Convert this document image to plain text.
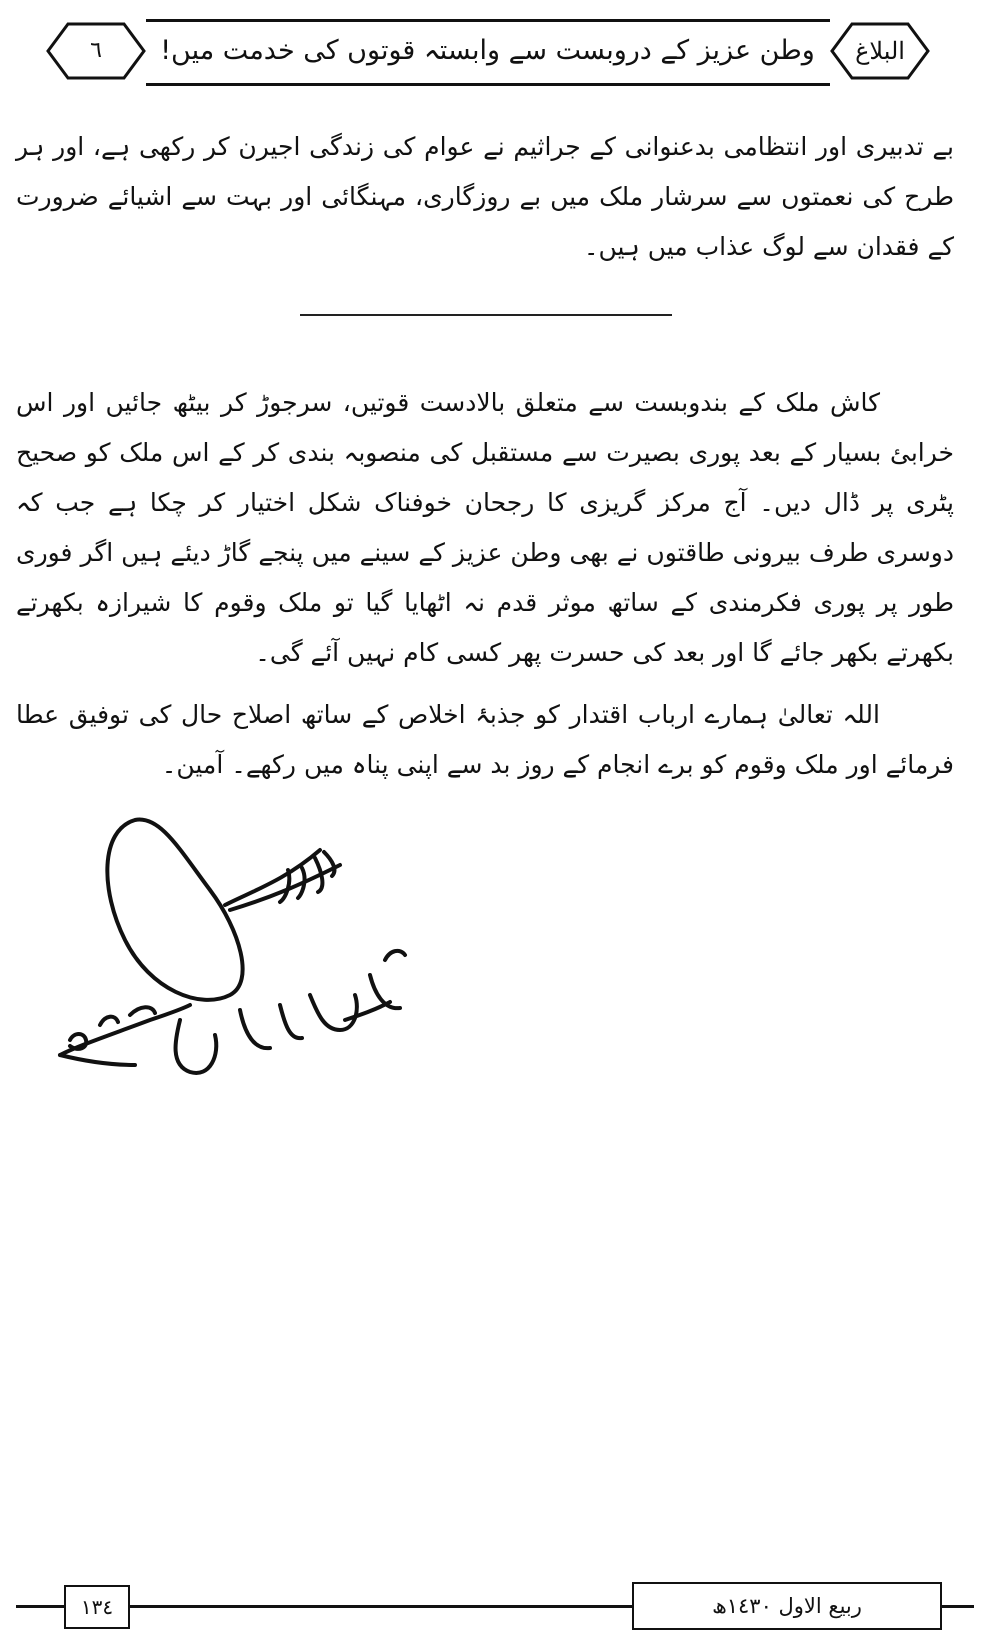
البلاغ
وطن عزیز کے دروبست سے وابستہ قوتوں کی خدمت میں!
٦
بے تدبیری اور انتظامی بدعنوانی کے جراثیم نے عوام کی زندگی اجیرن کر رکھی ہے، اور ہر طرح کی نعمتوں سے سرشار ملک میں بے روزگاری، مہنگائی اور بہت سے اشیائے ضرورت کے فقدان سے لوگ عذاب میں ہیں۔
کاش ملک کے بندوبست سے متعلق بالادست قوتیں، سرجوڑ کر بیٹھ جائیں اور اس خرابئ بسیار کے بعد پوری بصیرت سے مستقبل کی منصوبہ بندی کر کے اس ملک کو صحیح پٹری پر ڈال دیں۔ آج مرکز گریزی کا رجحان خوفناک شکل اختیار کر چکا ہے جب کہ دوسری طرف بیرونی طاقتوں نے بھی وطن عزیز کے سینے میں پنجے گاڑ دیئے ہیں اگر فوری طور پر پوری فکرمندی کے ساتھ موثر قدم نہ اٹھایا گیا تو ملک وقوم کا شیرازہ بکھرتے بکھرتے بکھر جائے گا اور بعد کی حسرت پھر کسی کام نہیں آئے گی۔
اللہ تعالیٰ ہمارے ارباب اقتدار کو جذبۂ اخلاص کے ساتھ اصلاح حال کی توفیق عطا فرمائے اور ملک وقوم کو برے انجام کے روز بد سے اپنی پناہ میں رکھے۔ آمین۔
١٣٤	ربیع الاول ١٤٣٠ھ
